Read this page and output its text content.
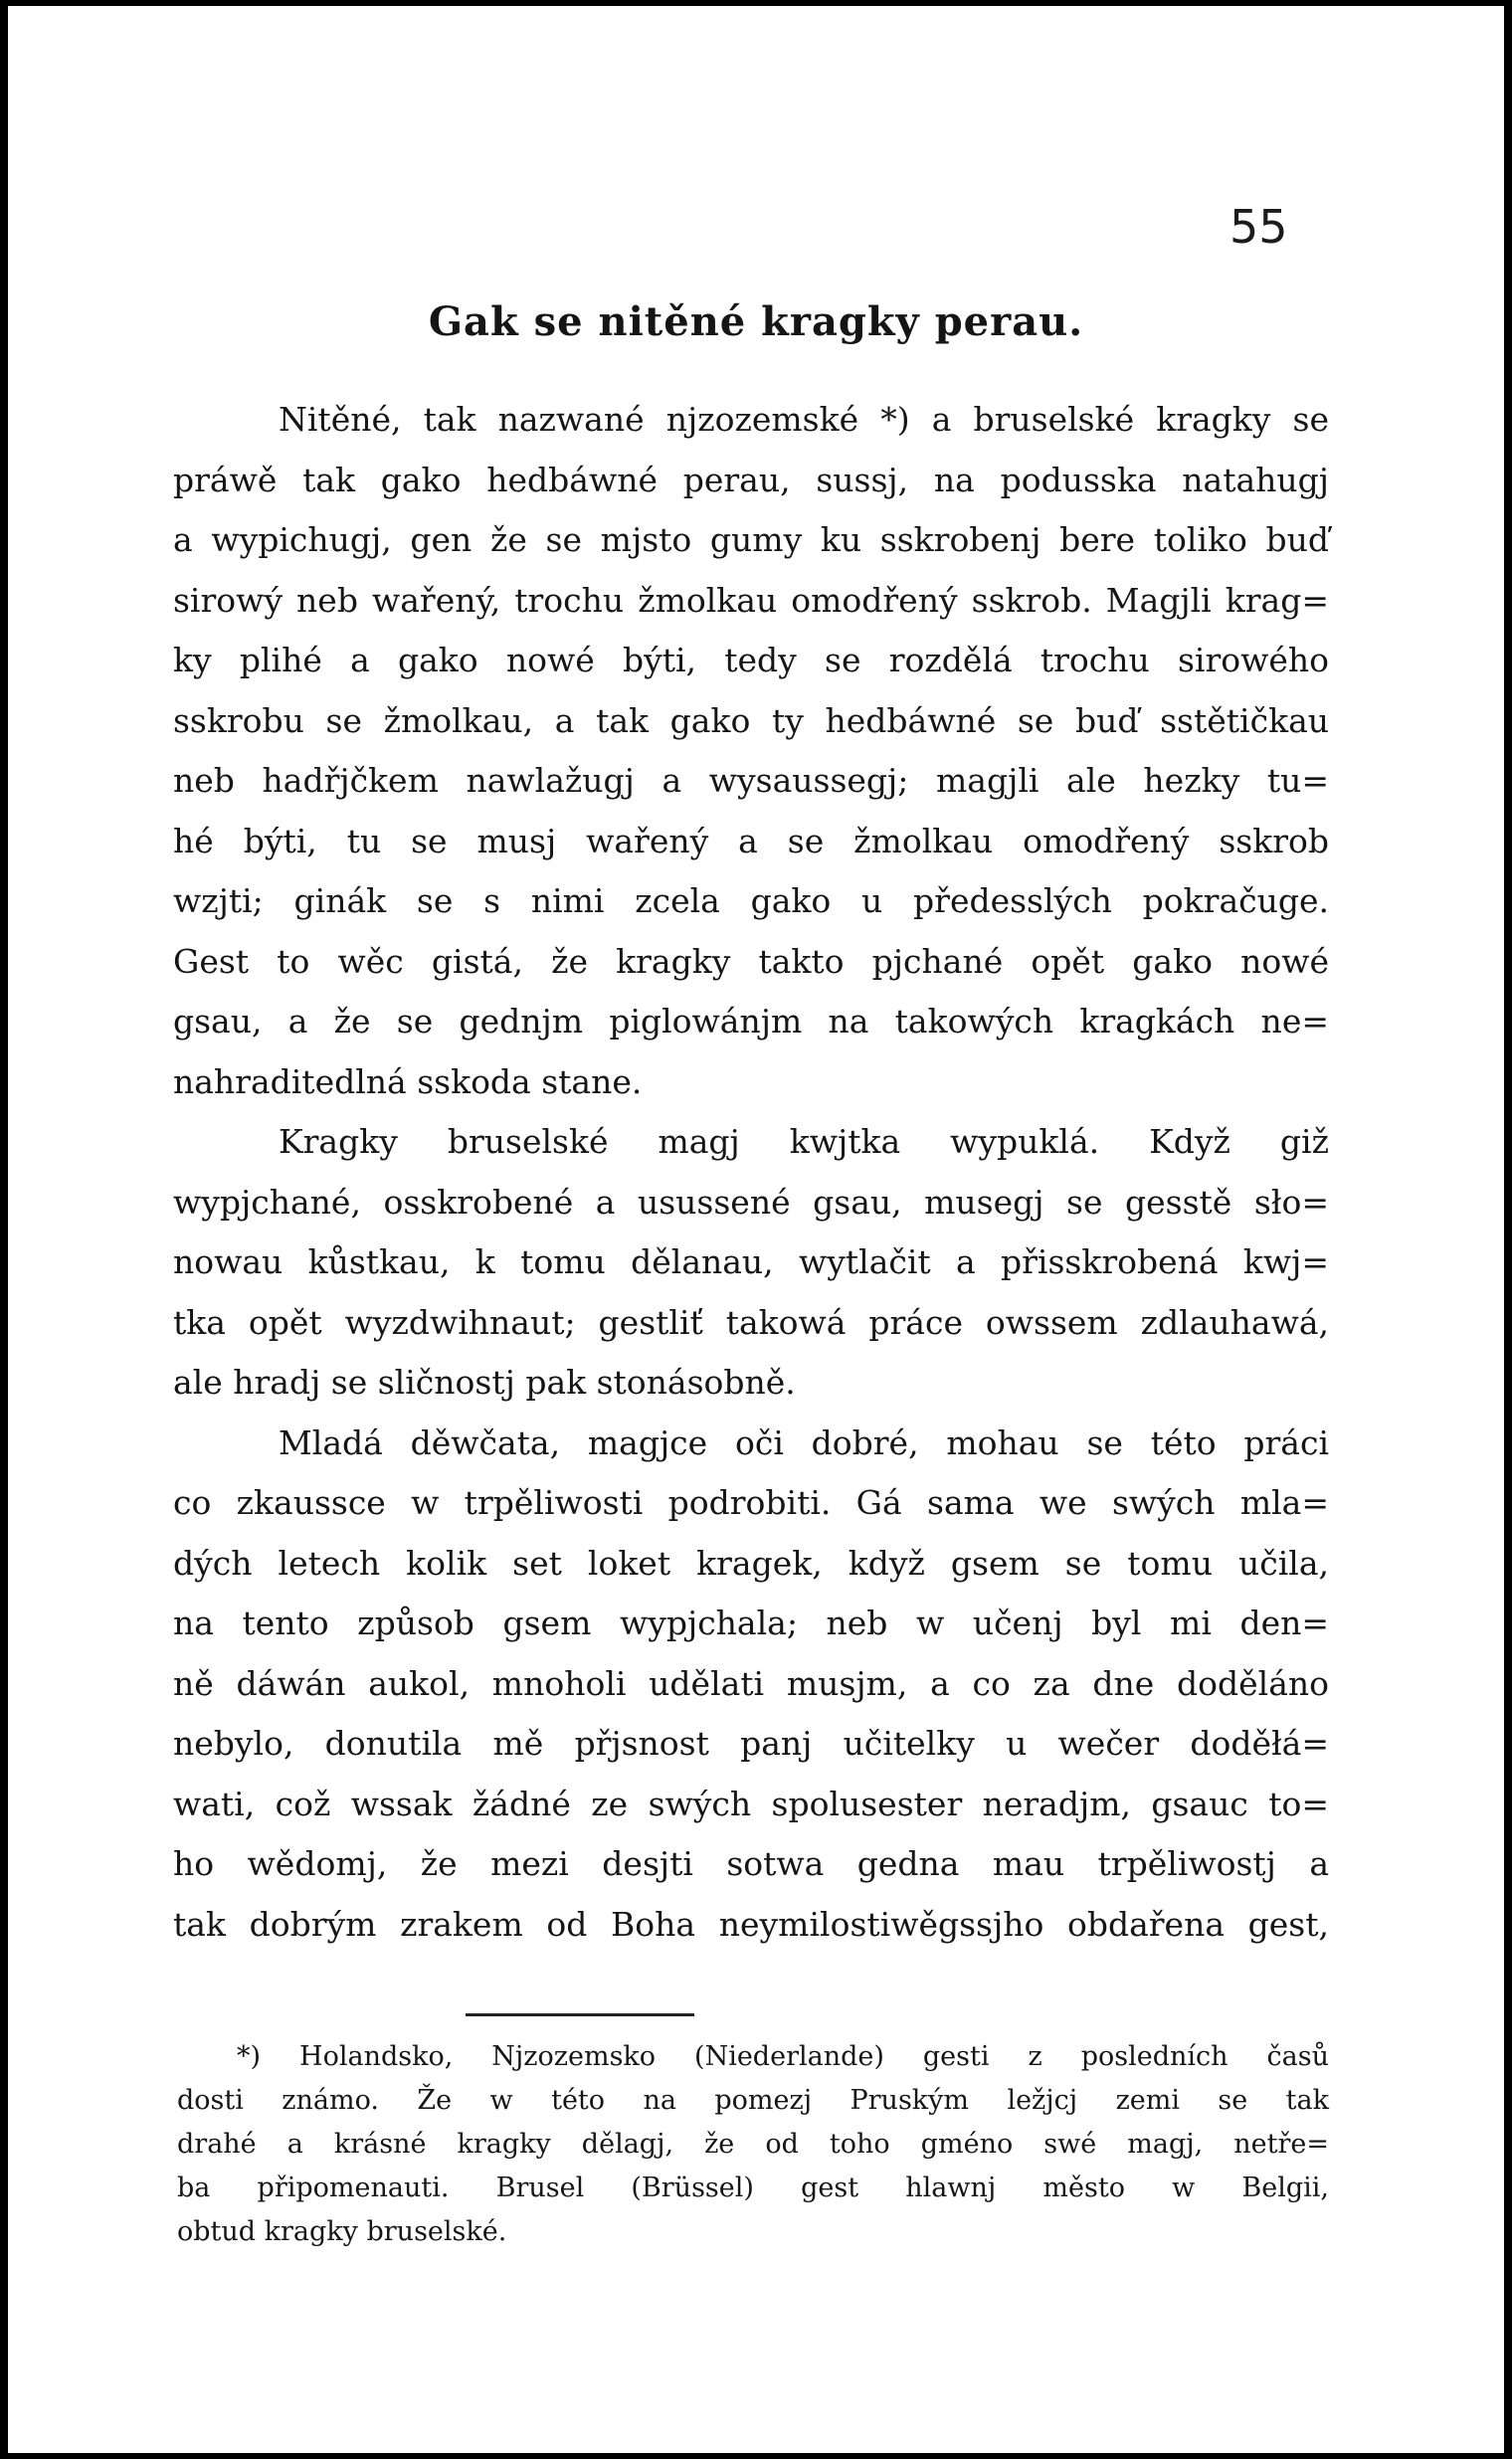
55
Gak se nitěné kragky perau.
Nitěné, tak nazwané njzozemské *) a bruselské kragky se
práwě tak gako hedbáwné perau, sussj, na podusska natahugj
a wypichugj, gen že se mjsto gumy ku sskrobenj bere toliko buď
sirowý neb wařený, trochu žmolkau omodřený sskrob. Magjli krag=
ky plihé a gako nowé býti, tedy se rozdělá trochu sirowého
sskrobu se žmolkau, a tak gako ty hedbáwné se buď sstětičkau
neb hadřjčkem nawlažugj a wysaussegj; magjli ale hezky tu=
hé býti, tu se musj wařený a se žmolkau omodřený sskrob
wzjti; ginák se s nimi zcela gako u předesslých pokračuge.
Gest to wěc gistá, že kragky takto pjchané opět gako nowé
gsau, a že se gednjm piglowánjm na takowých kragkách ne=
nahraditedlná sskoda stane.
Kragky bruselské magj kwjtka wypuklá. Když giž
wypjchané, osskrobené a usussené gsau, musegj se gesstě sło=
nowau kůstkau, k tomu dělanau, wytlačit a přisskrobená kwj=
tka opět wyzdwihnaut; gestliť takowá práce owssem zdlauhawá,
ale hradj se sličnostj pak stonásobně.
Mladá děwčata, magjce oči dobré, mohau se této práci
co zkaussce w trpěliwosti podrobiti. Gá sama we swých mla=
dých letech kolik set loket kragek, když gsem se tomu učila,
na tento způsob gsem wypjchala; neb w učenj byl mi den=
ně dáwán aukol, mnoholi udělati musjm, a co za dne doděláno
nebylo, donutila mě přjsnost panj učitelky u wečer doděłá=
wati, což wssak žádné ze swých spolusester neradjm, gsauc to=
ho wědomj, že mezi desjti sotwa gedna mau trpěliwostj a
tak dobrým zrakem od Boha neymilostiwěgssjho obdařena gest,
*) Holandsko, Njzozemsko (Niederlande) gesti z posledních časů
dosti známo. Že w této na pomezj Pruským ležjcj zemi se tak
drahé a krásné kragky dělagj, že od toho gméno swé magj, netře=
ba připomenauti. Brusel (Brüssel) gest hlawnj město w Belgii,
obtud kragky bruselské.
